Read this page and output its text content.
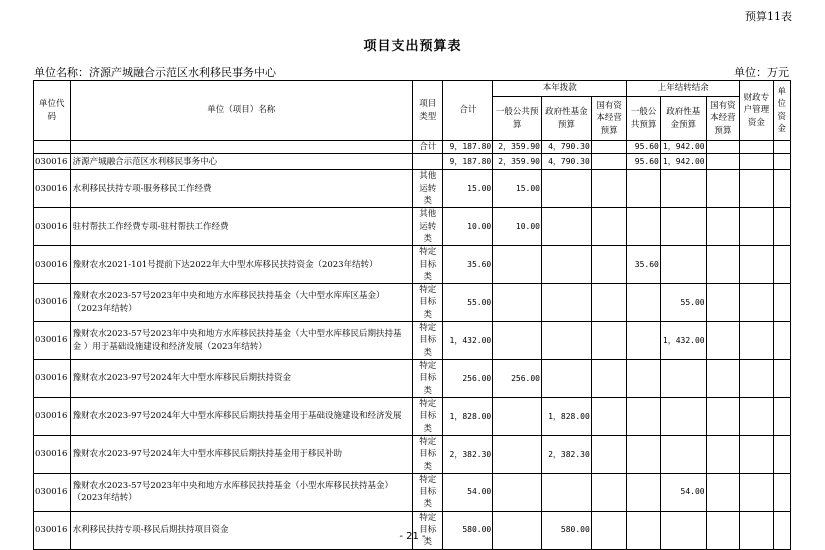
预算11表
项目支出预算表
单位名称：济源产城融合示范区水利移民事务中心	单位：万元
单位代码	单位（项目）名称	项目类型	合计	本年拨款			上年结转结余			财政专户管理资金	单位资金
				一般公共预算	政府性基金预算	国有资本经营预算	一般公共预算	政府性基金预算	国有资本经营预算		
		合计	9，187.80	2，359.90	4，790.30		95.60	1，942.00			
030016	济源产城融合示范区水利移民事务中心		9，187.80	2，359.90	4，790.30		95.60	1，942.00			
030016	水利移民扶持专项-服务移民工作经费	其他运转类	15.00	15.00							
030016	驻村帮扶工作经费专项-驻村帮扶工作经费	其他运转类	10.00	10.00							
030016	豫财农水2021-101号提前下达2022年大中型水库移民扶持资金（2023年结转）	特定目标类	35.60				35.60				
030016	豫财农水2023-57号2023年中央和地方水库移民扶持基金（大中型水库库区基金）（2023年结转）	特定目标类	55.00					55.00			
030016	豫财农水2023-57号2023年中央和地方水库移民扶持基金（大中型水库移民后期扶持基金 ）用于基础设施建设和经济发展（2023年结转）	特定目标类	1，432.00					1，432.00			
030016	豫财农水2023-97号2024年大中型水库移民后期扶持资金	特定目标类	256.00	256.00							
030016	豫财农水2023-97号2024年大中型水库移民后期扶持基金用于基础设施建设和经济发展	特定目标类	1，828.00		1，828.00						
030016	豫财农水2023-97号2024年大中型水库移民后期扶持基金用于移民补助	特定目标类	2，382.30		2，382.30						
030016	豫财农水2023-57号2023年中央和地方水库移民扶持基金（小型水库移民扶持基金）（2023年结转）	特定目标类	54.00					54.00			
030016	水利移民扶持专项-移民后期扶持项目资金	特定目标类	580.00		580.00						
- 21 -
